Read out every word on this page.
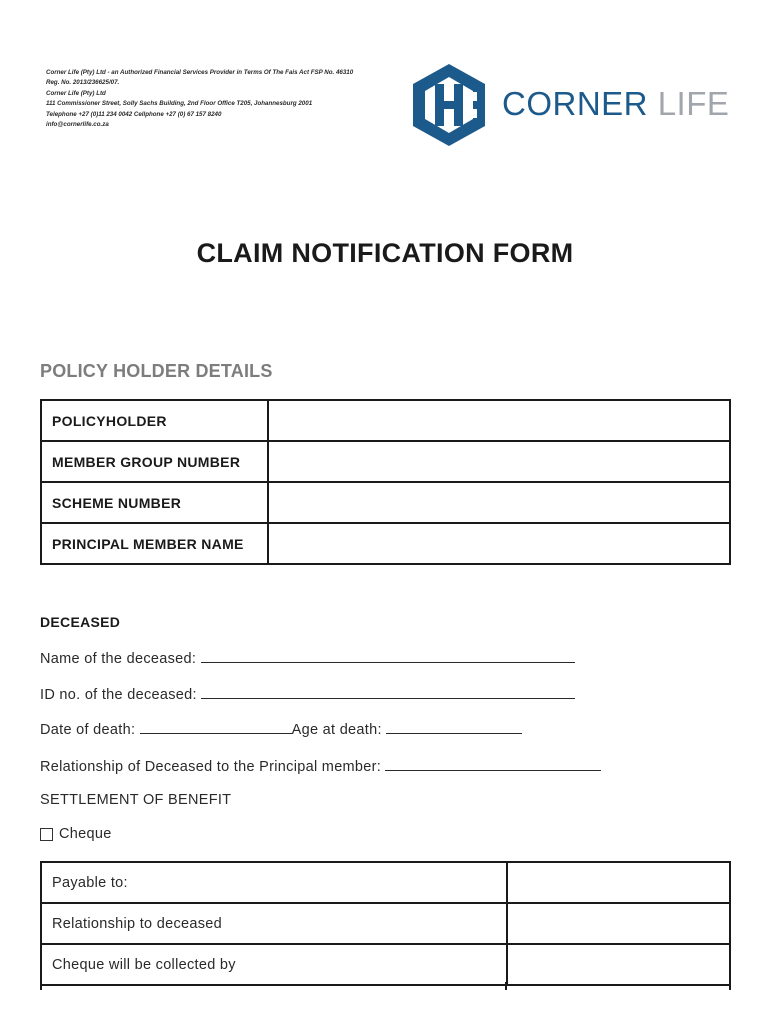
Corner Life (Pty) Ltd - an Authorized Financial Services Provider in Terms Of The Fais Act FSP No. 46310
Reg. No. 2013/236625/07.
Corner Life (Pty) Ltd
111 Commissioner Street, Solly Sachs Building, 2nd Floor Office T205, Johannesburg 2001
Telephone +27 (0)11 234 0042 Cellphone +27 (0) 67 157 8240
info@cornerlife.co.za
CORNER LIFE
CLAIM NOTIFICATION FORM
POLICY HOLDER DETAILS
POLICYHOLDER	
MEMBER GROUP NUMBER	
SCHEME NUMBER	
PRINCIPAL MEMBER NAME	
DECEASED
Name of the deceased:
ID no. of the deceased:
Date of death:	Age at death:
Relationship of Deceased to the Principal member:
SETTLEMENT OF BENEFIT
Cheque
Payable to:	
Relationship to deceased	
Cheque will be collected by	
